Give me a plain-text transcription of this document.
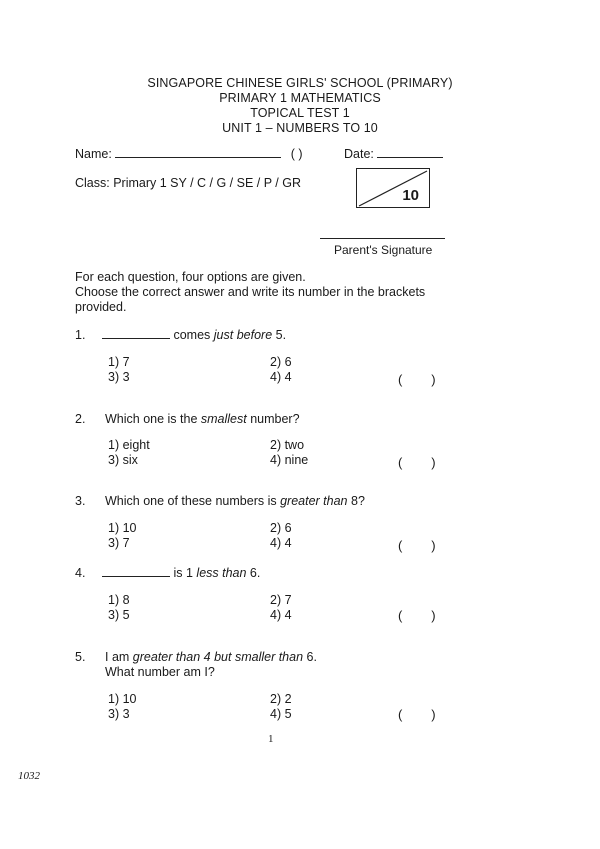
SINGAPORE CHINESE GIRLS' SCHOOL (PRIMARY)
PRIMARY 1 MATHEMATICS
TOPICAL TEST 1
UNIT 1 – NUMBERS TO 10
Name:	( )	Date:
Class: Primary 1 SY / C / G / SE / P / GR
10
Parent's Signature
For each question, four options are given.
Choose the correct answer and write its number in the brackets
provided.
1.	comes just before 5.
1) 7	2) 6
3) 3	4) 4	(        )
2. Which one is the smallest number?
1) eight	2) two
3) six	4) nine	(        )
3. Which one of these numbers is greater than 8?
1) 10	2) 6
3) 7	4) 4	(        )
4.	is 1 less than 6.
1) 8	2) 7
3) 5	4) 4	(        )
5. I am greater than 4 but smaller than 6.
What number am I?
1) 10	2) 2
3) 3	4) 5	(        )
1
1032
